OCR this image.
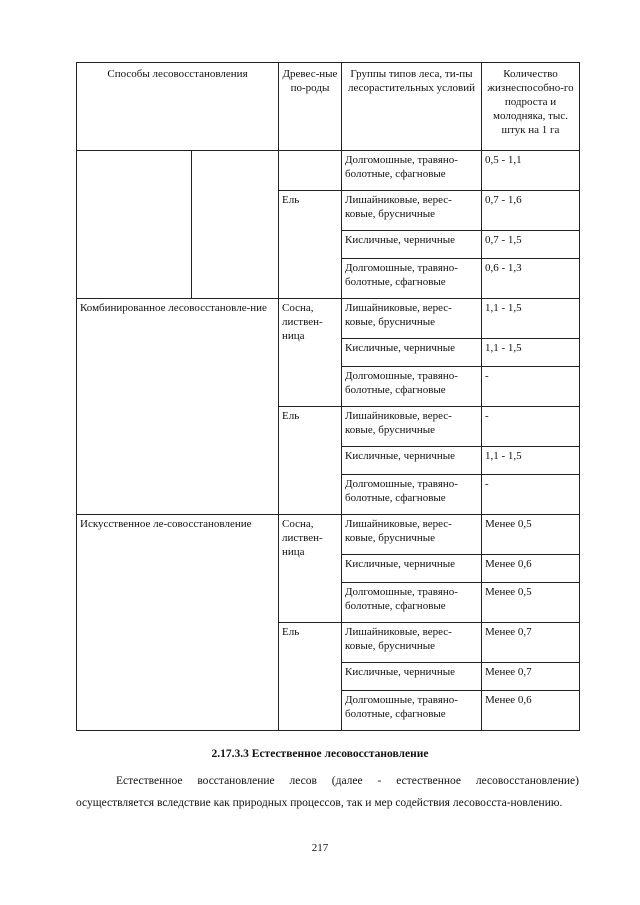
Способы лесовосстановления		Древес-ные по-роды	Группы типов леса, ти-пы лесорастительных условий	Количество жизнеспособно-го подроста и молодняка, тыс. штук на 1 га
			Долгомошные, травяно-болотные, сфагновые	0,5 - 1,1
		Ель	Лишайниковые, верес-ковые, брусничные	0,7 - 1,6
			Кисличные, черничные	0,7 - 1,5
			Долгомошные, травяно-болотные, сфагновые	0,6 - 1,3
Комбинированное лесовосстановле-ние		Сосна, листвен-ница	Лишайниковые, верес-ковые, брусничные	1,1 - 1,5
			Кисличные, черничные	1,1 - 1,5
			Долгомошные, травяно-болотные, сфагновые	-
		Ель	Лишайниковые, верес-ковые, брусничные	-
			Кисличные, черничные	1,1 - 1,5
			Долгомошные, травяно-болотные, сфагновые	-
Искусственное ле-совосстановление		Сосна, листвен-ница	Лишайниковые, верес-ковые, брусничные	Менее 0,5
			Кисличные, черничные	Менее 0,6
			Долгомошные, травяно-болотные, сфагновые	Менее 0,5
		Ель	Лишайниковые, верес-ковые, брусничные	Менее 0,7
			Кисличные, черничные	Менее 0,7
			Долгомошные, травяно-болотные, сфагновые	Менее 0,6
2.17.3.3 Естественное лесовосстановление

Естественное восстановление лесов (далее - естественное лесовосстановление) осуществляется вследствие как природных процессов, так и мер содействия лесовосста-новлению.

217
